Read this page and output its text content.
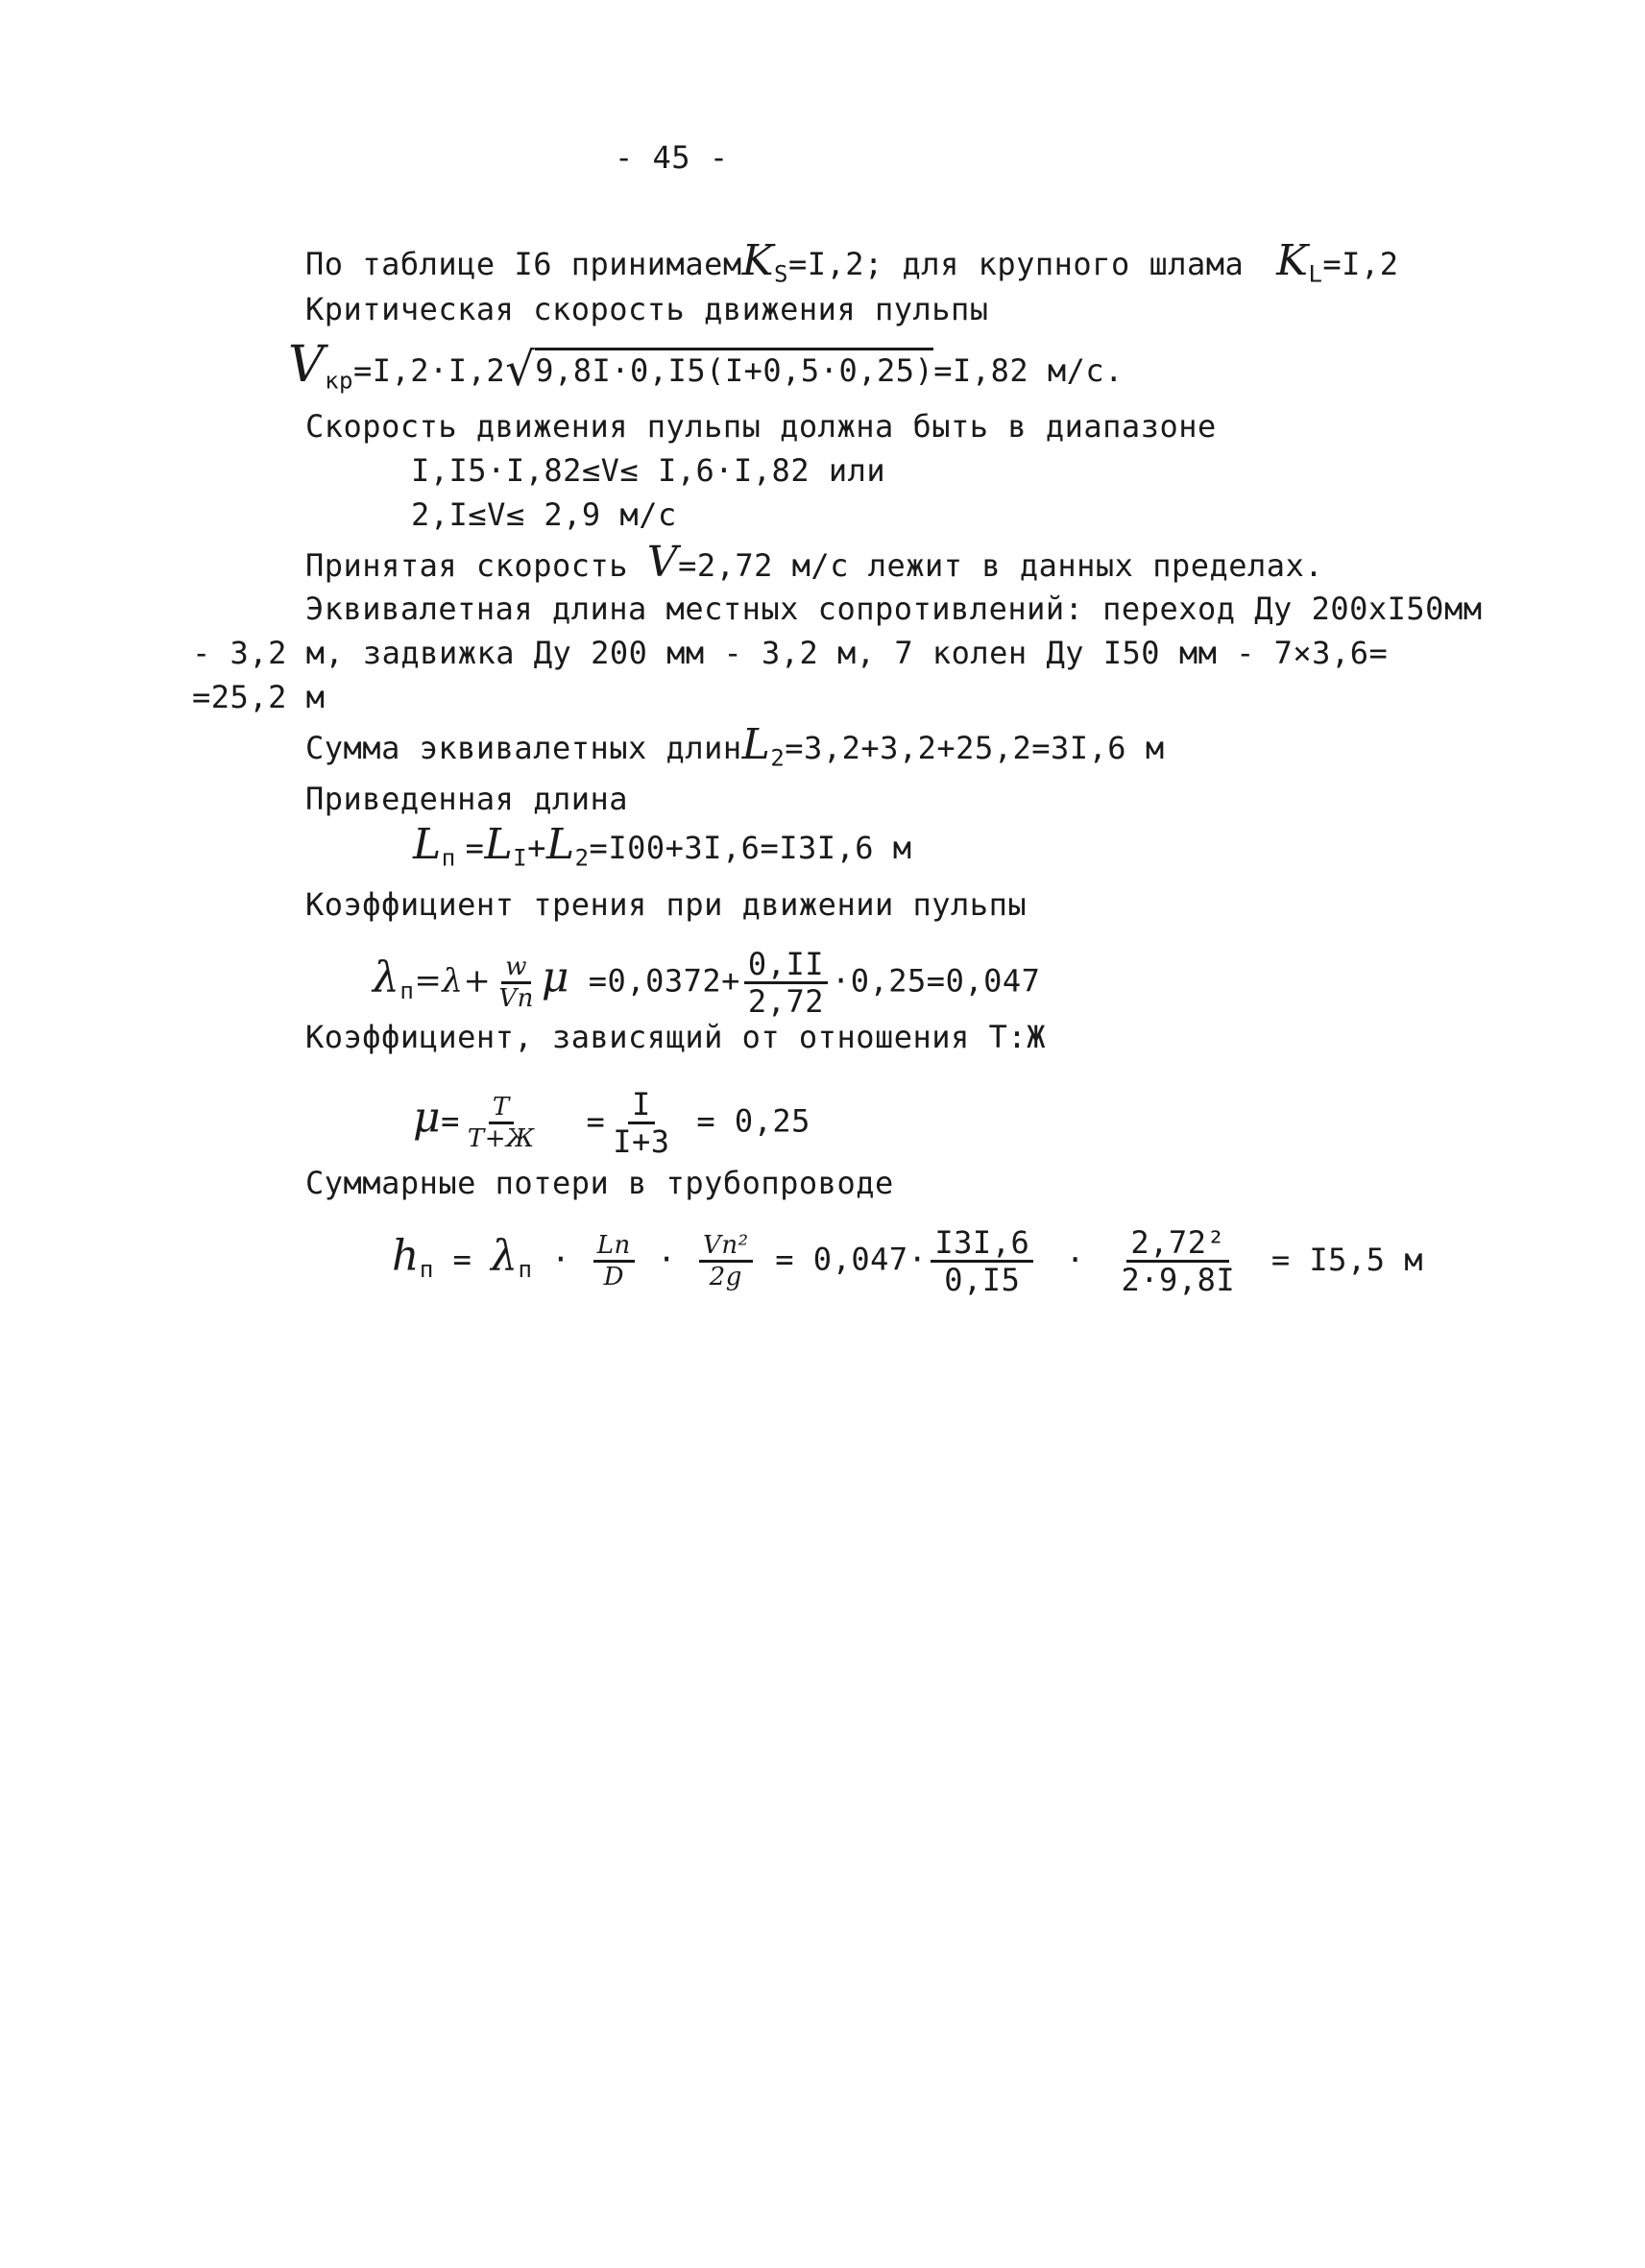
- 45 -
По таблице I6 принимаемK$_S$=I,2; для крупного шлама $K_L=I,2$
Критическая скорость движения пульпы
$V_{кр}=I,2\cdot I,2√9,8I\cdot 0,I5(I+0,5\cdot 0,25)=I,82$ м/с.
Скорость движения пульпы должна быть в диапазоне
I,I5·I,82≤V≤ I,6·I,82 или
2,I≤V≤ 2,9 м/с
Принятая скорость V=2,72 м/с лежит в данных пределах.
Эквивалетная длина местных сопротивлений: переход Ду 200xI50мм
- 3,2 м, задвижка Ду 200 мм - 3,2 м, 7 колен Ду I50 мм - 7×3,6=
=25,2 м
Сумма эквивалетных длинL$_2$=3,2+3,2+25,2=3I,6 м
Приведенная длина
$L_п =L_I+L_2=I00+3I,6=I3I,6$ м
Коэффициент трения при движении пульпы
$\lambda_п=\lambda+ \frac{w}{Vп}$ $\mu =0,0372+ \frac{0,II}{2,72} \cdot 0,25=0,047$
Коэффициент, зависящий от отношения Т:Ж
$\mu= \frac{Т}{Т+Ж} = \frac{I}{I+3} = 0,25$
Суммарные потери в трубопроводе
$h_п = \lambda_п \cdot \frac{Lп}{D} \cdot \frac{\text{Vп²}}{2g} = 0,047\cdot \frac{I3I,6}{0,I5} \cdot \frac{\text{2,72²}}{2\cdot 9,8I} = I5,5$ м
